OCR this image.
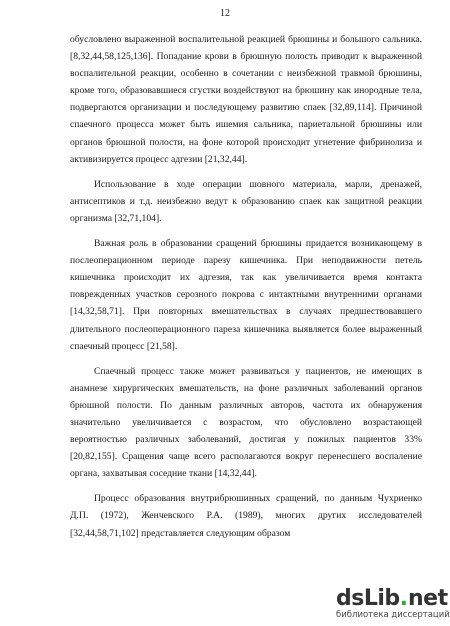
12

обусловлено выраженной воспалительной реакцией брюшины и большого сальника. [8,32,44,58,125,136]. Попадание крови в брюшную полость приводит к выраженной воспалительной реакции, особенно в сочетании с неизбежной травмой брюшины, кроме того, образовавшиеся сгустки воздействуют на брюшину как инородные тела, подвергаются организации и последующему развитию спаек [32,89,114]. Причиной спаечного процесса может быть ишемия сальника, париетальной брюшины или органов брюшной полости, на фоне которой происходит угнетение фибринолиза и активизируется процесс адгезии [21,32,44].

Использование в ходе операции шовного материала, марли, дренажей, антисептиков и т.д. неизбежно ведут к образованию спаек как защитной реакции организма [32,71,104].

Важная роль в образовании сращений брюшины придается возникающему в послеоперационном периоде парезу кишечника. При неподвижности петель кишечника происходит их адгезия, так как увеличивается время контакта поврежденных участков серозного покрова с интактными внутренними органами [14,32,58,71]. При повторных вмешательствах в случаях предшествовавшего длительного послеоперационного пареза кишечника выявляется более выраженный спаечный процесс [21,58].

Спаечный процесс также может развиваться у пациентов, не имеющих в анамнезе хирургических вмешательств, на фоне различных заболеваний органов брюшной полости. По данным различных авторов, частота их обнаружения значительно увеличивается с возрастом, что обусловлено возрастающей вероятностью различных заболеваний, достигая у пожилых пациентов 33% [20,82,155]. Сращения чаще всего располагаются вокруг перенесшего воспаление органа, захватывая соседние ткани [14,32,44].

Процесс образования внутрибрюшинных сращений, по данным Чухриенко Д.П. (1972), Женчевского Р.А. (1989), многих других исследователей [32,44,58,71,102] представляется следующим образом

dsLib . net
библиотека диссертаций
